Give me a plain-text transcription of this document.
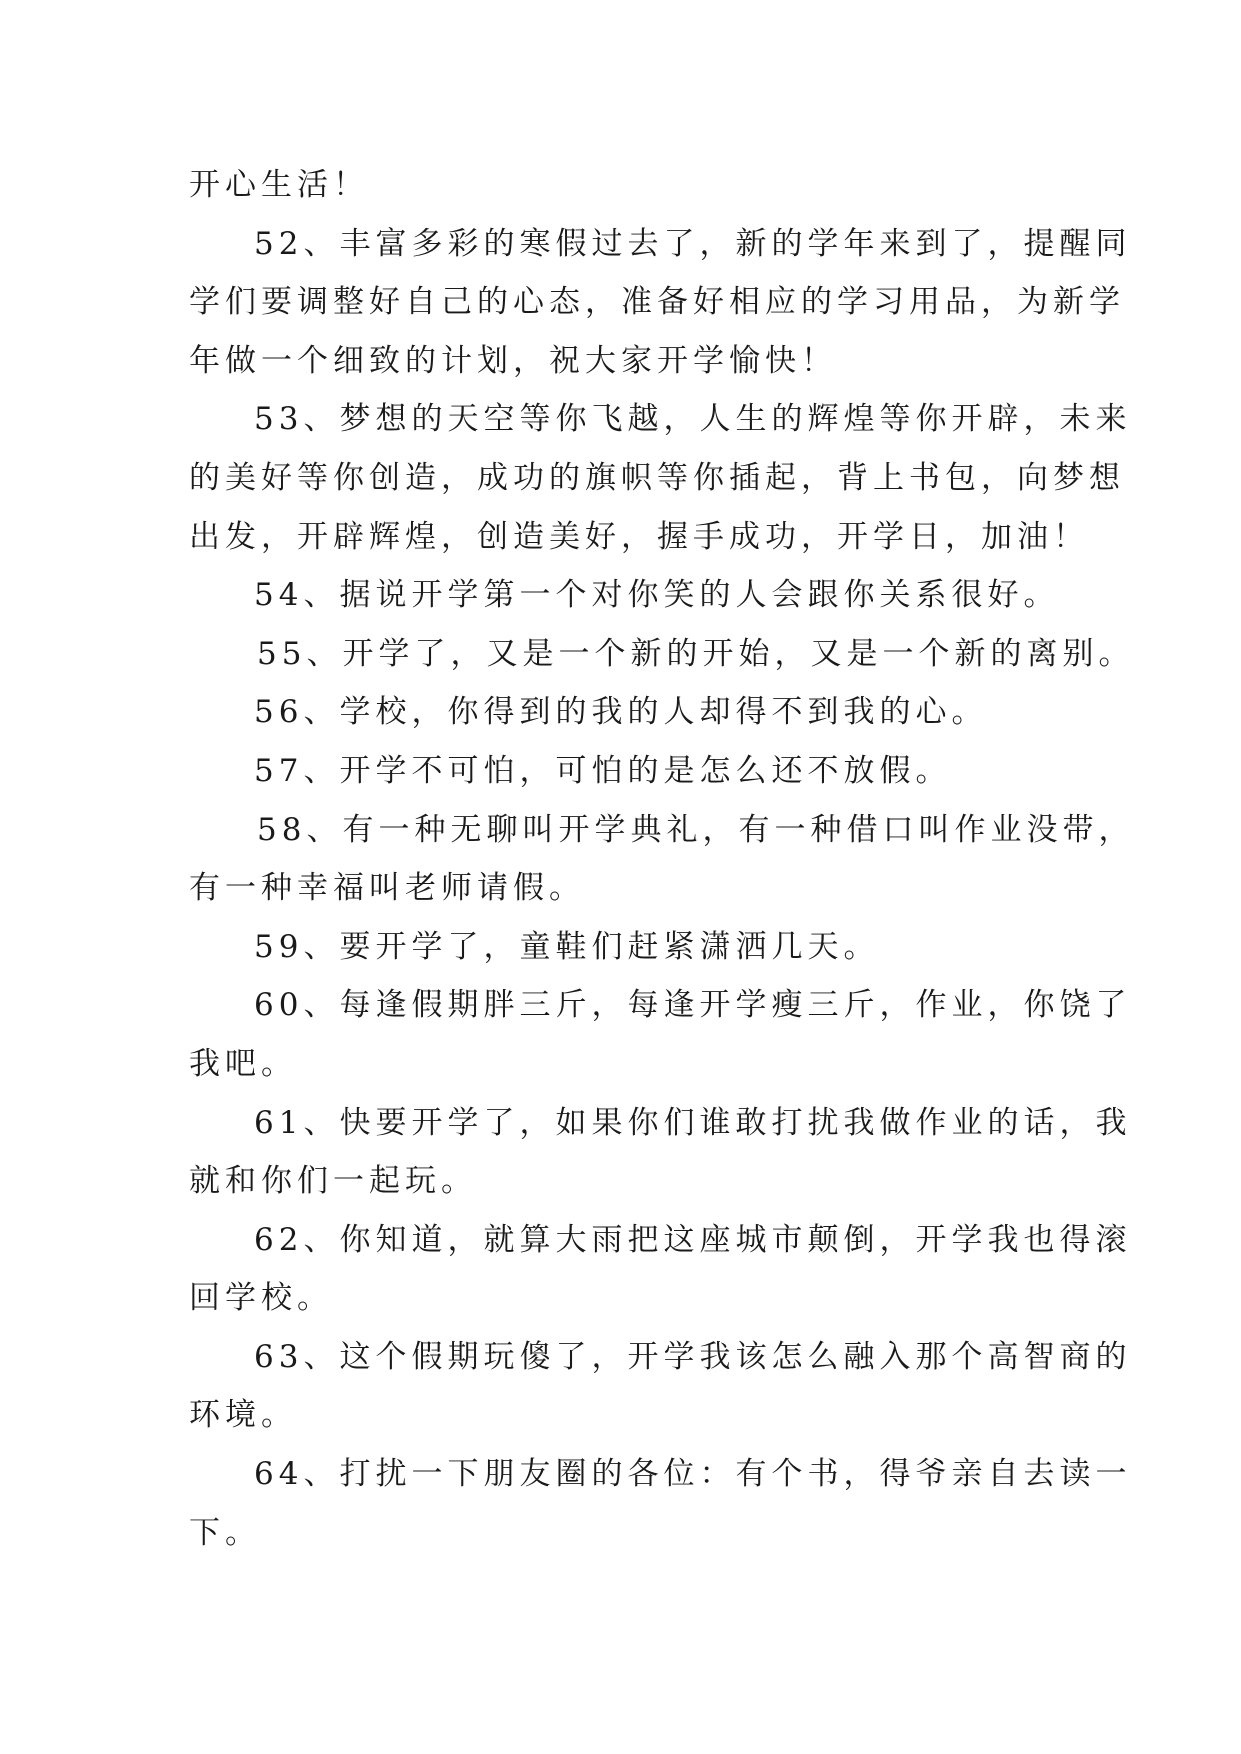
开心生活！
52、丰富多彩的寒假过去了，新的学年来到了，提醒同
学们要调整好自己的心态，准备好相应的学习用品，为新学
年做一个细致的计划，祝大家开学愉快！
53、梦想的天空等你飞越，人生的辉煌等你开辟，未来
的美好等你创造，成功的旗帜等你插起，背上书包，向梦想
出发，开辟辉煌，创造美好，握手成功，开学日，加油！
54、据说开学第一个对你笑的人会跟你关系很好。
55、开学了，又是一个新的开始，又是一个新的离别。
56、学校，你得到的我的人却得不到我的心。
57、开学不可怕，可怕的是怎么还不放假。
58、有一种无聊叫开学典礼，有一种借口叫作业没带，
有一种幸福叫老师请假。
59、要开学了，童鞋们赶紧潇洒几天。
60、每逢假期胖三斤，每逢开学瘦三斤，作业，你饶了
我吧。
61、快要开学了，如果你们谁敢打扰我做作业的话，我
就和你们一起玩。
62、你知道，就算大雨把这座城市颠倒，开学我也得滚
回学校。
63、这个假期玩傻了，开学我该怎么融入那个高智商的
环境。
64、打扰一下朋友圈的各位：有个书，得爷亲自去读一
下。
